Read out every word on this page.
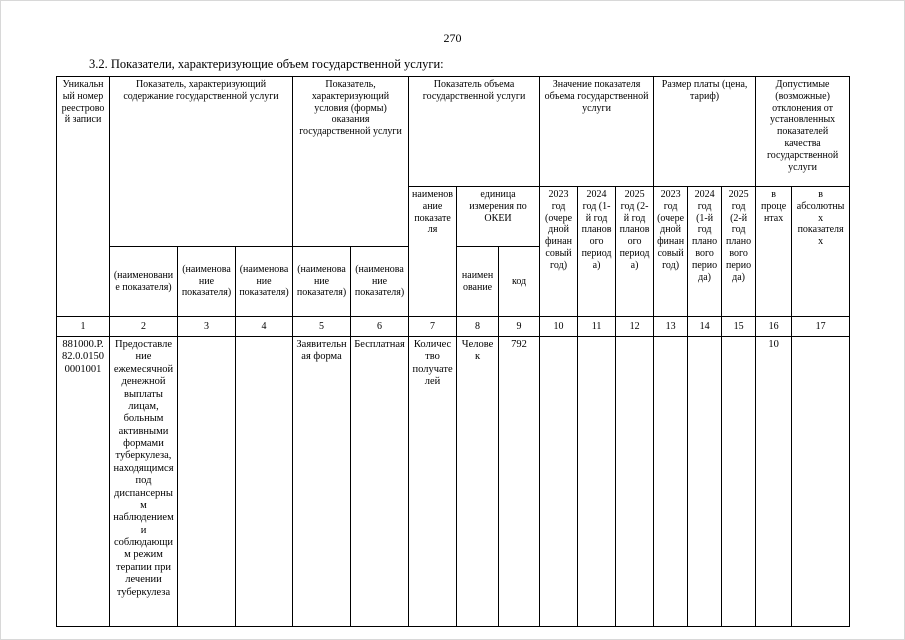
270
3.2. Показатели, характеризующие объем государственной услуги:
Уникальный номер реестровой записи	Показатель, характеризующий содержание государственной услуги			Показатель, характеризующий условия (формы) оказания государственной услуги		Показатель объема государственной услуги			Значение показателя объема государственной услуги			Размер платы (цена, тариф)			Допустимые (возможные) отклонения от установленных показателей качества государственной услуги	
						наименование показателя	единица измерения по ОКЕИ		2023 год (очередной финансовый год)	2024 год (1-й год планового периода)	2025 год (2-й год планового периода)	2023 год (очередной финансовый год)	2024 год (1-й год планового периода)	2025 год (2-й год планового периода)	в процентах	в абсолютных показателях
	(наименование показателя)	(наименование показателя)	(наименование показателя)	(наименование показателя)	(наименование показателя)		наименование	код								
1	2	3	4	5	6	7	8	9	10	11	12	13	14	15	16	17
881000.Р. 82.0.0150 0001001	Предоставление ежемесячной денежной выплаты лицам, больным активными формами туберкулеза, находящимся под диспансерным наблюдением и соблюдающим режим терапии при лечении туберкулеза			Заявительная форма	Бесплатная	Количество получателей	Человек	792							10	
